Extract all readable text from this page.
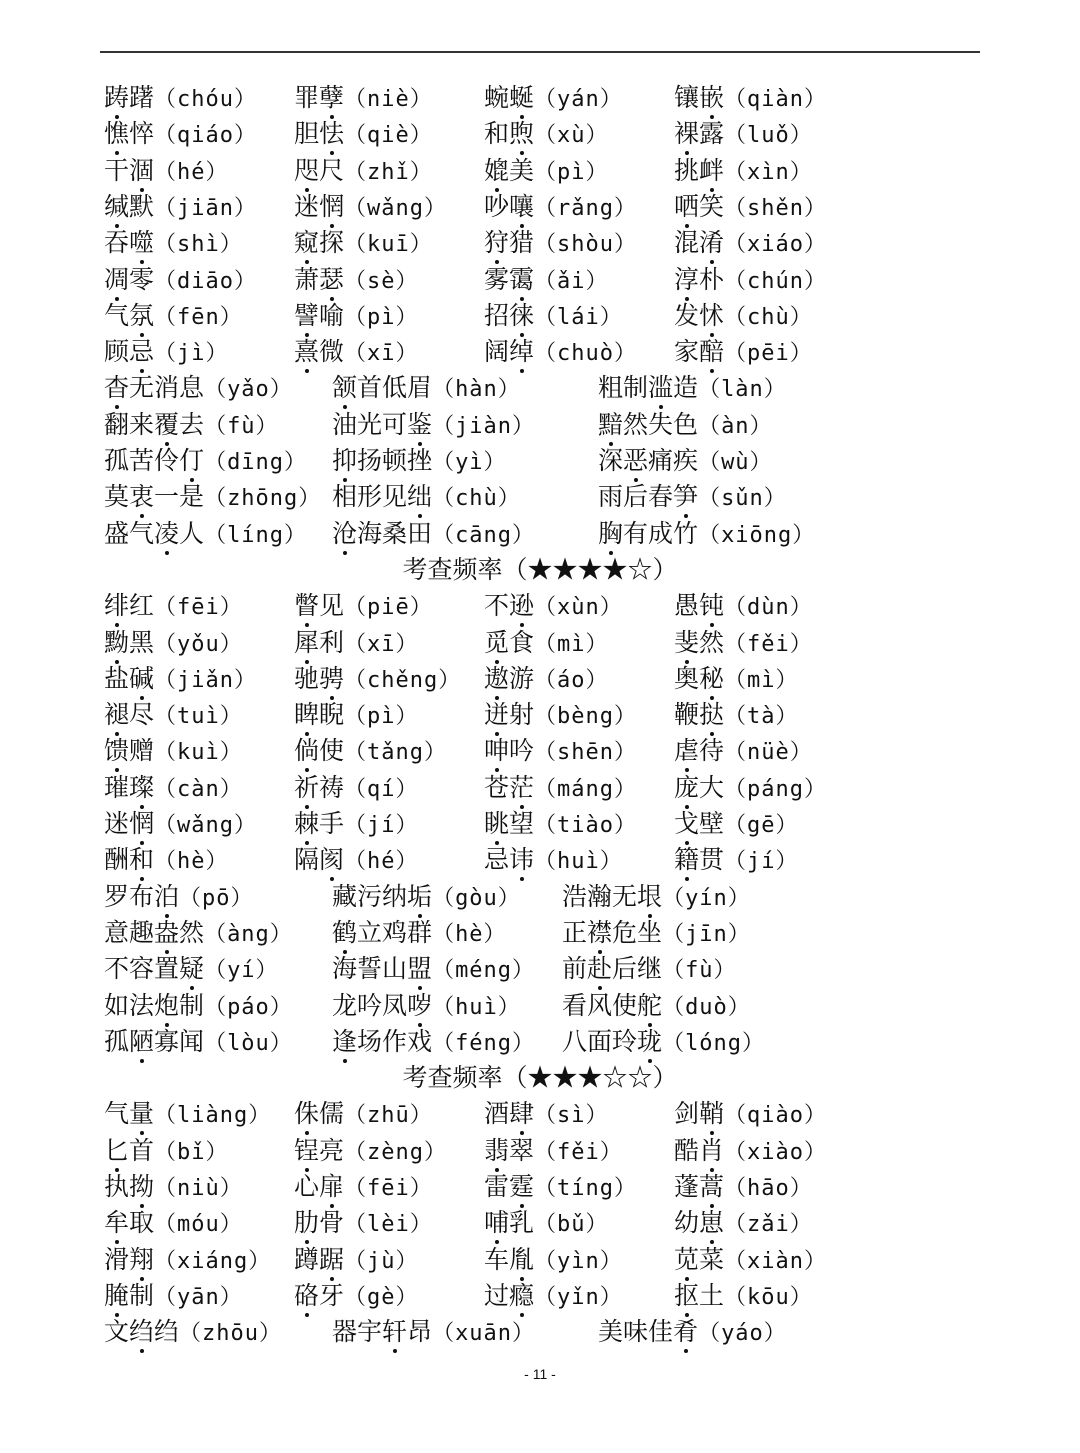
踌躇（chóu） 罪孽（niè） 蜿蜒（yán） 镶嵌（qiàn）
憔悴（qiáo） 胆怯（qiè） 和煦（xù）	裸露（luǒ）
干涸（hé）	咫尺（zhǐ） 媲美（pì）	挑衅（xìn）
缄默（jiān） 迷惘（wǎng） 吵嚷（rǎng） 哂笑（shěn）
吞噬（shì） 窥探（kuī） 狩猎（shòu） 混淆（xiáo）
凋零（diāo） 萧瑟（sè）	雾霭（ǎi）	淳朴（chún）
气氛（fēn） 譬喻（pì）	招徕（lái） 发怵（chù）
顾忌（jì）	熹微（xī）	阔绰（chuò） 家醅（pēi）
杳无消息（yǎo） 颔首低眉（hàn）	粗制滥造（làn）
翻来覆去（fù） 油光可鉴（jiàn）	黯然失色（àn）
孤苦伶仃（dīng） 抑扬顿挫（yì）	深恶痛疾（wù）
莫衷一是（zhōng） 相形见绌（chù）	雨后春笋（sǔn）
盛气凌人（líng） 沧海桑田（cāng）	胸有成竹（xiōng）
考查频率（★★★★☆）
绯红（fēi） 瞥见（piē） 不逊（xùn） 愚钝（dùn）
黝黑（yǒu） 犀利（xī）	觅食（mì）	斐然（fěi）
盐碱（jiǎn） 驰骋（chěng） 遨游（áo）	奥秘（mì）
褪尽（tuì） 睥睨（pì）	迸射（bèng） 鞭挞（tà）
馈赠（kuì） 倘使（tǎng） 呻吟（shēn） 虐待（nüè）
璀璨（càn） 祈祷（qí）	苍茫（máng） 庞大（páng）
迷惘（wǎng） 棘手（jí）	眺望（tiào） 戈壁（gē）
酬和（hè）	隔阂（hé）	忌讳（huì） 籍贯（jí）
罗布泊（pō）	藏污纳垢（gòu） 浩瀚无垠（yín）
意趣盎然（àng） 鹤立鸡群（hè） 正襟危坐（jīn）
不容置疑（yí） 海誓山盟（méng） 前赴后继（fù）
如法炮制（páo） 龙吟凤哕（huì） 看风使舵（duò）
孤陋寡闻（lòu） 逢场作戏（féng） 八面玲珑（lóng）
考查频率（★★★☆☆）
气量（liàng） 侏儒（zhū） 酒肆（sì）	剑鞘（qiào）
匕首（bǐ）	锃亮（zèng） 翡翠（fěi） 酷肖（xiào）
执拗（niù） 心扉（fēi） 雷霆（tíng） 蓬蒿（hāo）
牟取（móu） 肋骨（lèi） 哺乳（bǔ）	幼崽（zǎi）
滑翔（xiáng） 蹲踞（jù）	车胤（yìn） 苋菜（xiàn）
腌制（yān） 硌牙（gè）	过瘾（yǐn） 抠土（kōu）
文绉绉（zhōu） 器宇轩昂（xuān）	美味佳肴（yáo）
- 11 -
